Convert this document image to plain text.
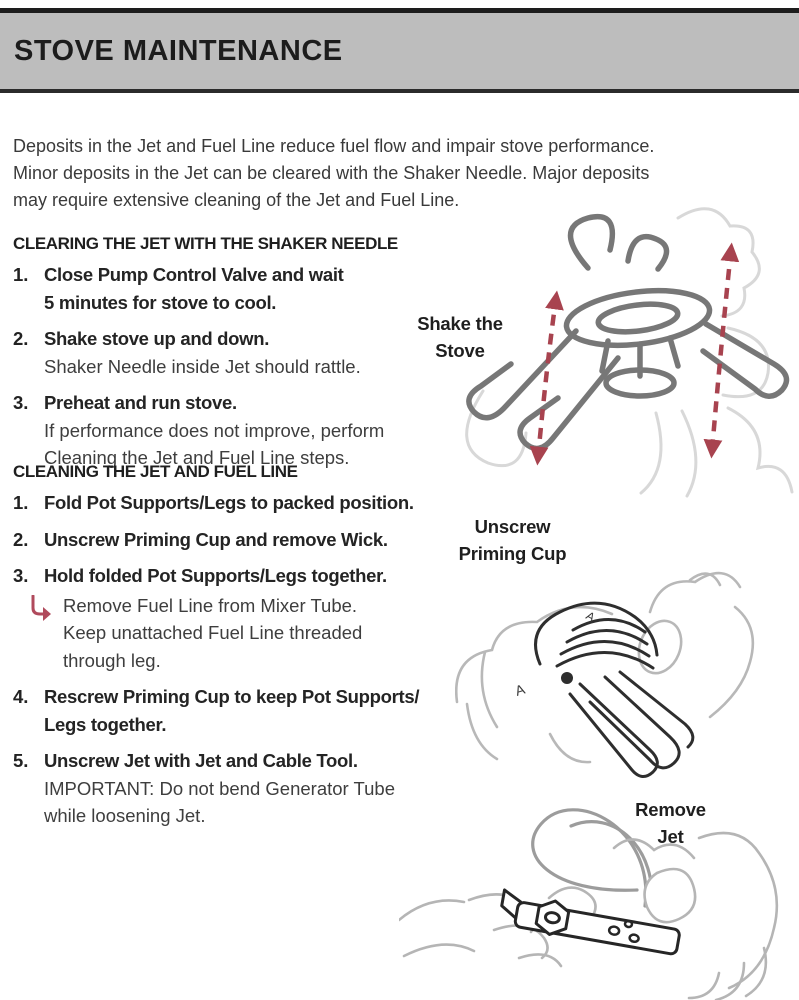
STOVE MAINTENANCE
Deposits in the Jet and Fuel Line reduce fuel flow and impair stove performance.
Minor deposits in the Jet can be cleared with the Shaker Needle. Major deposits
may require extensive cleaning of the Jet and Fuel Line.
CLEARING THE JET WITH THE SHAKER NEEDLE
1. Close Pump Control Valve and wait
5 minutes for stove to cool.
2. Shake stove up and down.
Shaker Needle inside Jet should rattle.
3. Preheat and run stove.
If performance does not improve, perform
Cleaning the Jet and Fuel Line steps.
CLEANING THE JET AND FUEL LINE
1. Fold Pot Supports/Legs to packed position.
2. Unscrew Priming Cup and remove Wick.
3. Hold folded Pot Supports/Legs together.
Remove Fuel Line from Mixer Tube.
Keep unattached Fuel Line threaded
through leg.
4. Rescrew Priming Cup to keep Pot Supports/
Legs together.
5. Unscrew Jet with Jet and Cable Tool.
IMPORTANT: Do not bend Generator Tube
while loosening Jet.
Shake the
Stove
Unscrew
Priming Cup
A
A
Remove
Jet
